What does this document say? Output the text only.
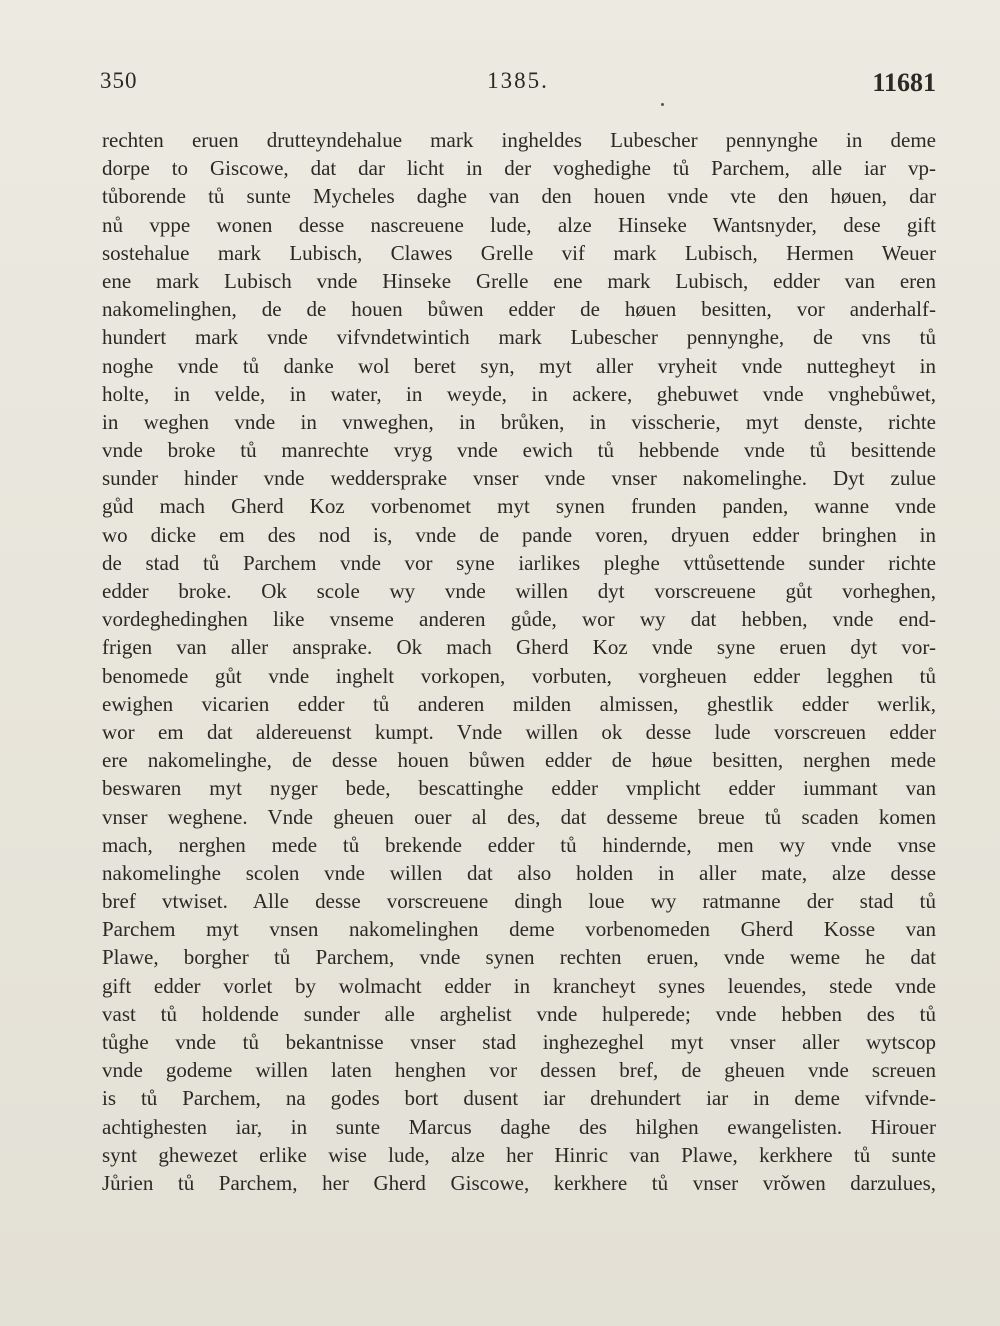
350	1385.	11681
rechten eruen drutteyndehalue mark ingheldes Lubescher pennynghe in deme
dorpe to Giscowe, dat dar licht in der voghedighe tů Parchem, alle iar vp-
tůborende tů sunte Mycheles daghe van den houen vnde vte den høuen, dar
nů vppe wonen desse nascreuene lude, alze Hinseke Wantsnyder, dese gift
sostehalue mark Lubisch, Clawes Grelle vif mark Lubisch, Hermen Weuer
ene mark Lubisch vnde Hinseke Grelle ene mark Lubisch, edder van eren
nakomelinghen, de de houen bůwen edder de høuen besitten, vor anderhalf-
hundert mark vnde vifvndetwintich mark Lubescher pennynghe, de vns tů
noghe vnde tů danke wol beret syn, myt aller vryheit vnde nuttegheyt in
holte, in velde, in water, in weyde, in ackere, ghebuwet vnde vnghebůwet,
in weghen vnde in vnweghen, in brůken, in visscherie, myt denste, richte
vnde broke tů manrechte vryg vnde ewich tů hebbende vnde tů besittende
sunder hinder vnde weddersprake vnser vnde vnser nakomelinghe. Dyt zulue
gůd mach Gherd Koz vorbenomet myt synen frunden panden, wanne vnde
wo dicke em des nod is, vnde de pande voren, dryuen edder bringhen in
de stad tů Parchem vnde vor syne iarlikes pleghe vttůsettende sunder richte
edder broke. Ok scole wy vnde willen dyt vorscreuene gůt vorheghen,
vordeghedinghen like vnseme anderen gůde, wor wy dat hebben, vnde end-
frigen van aller ansprake. Ok mach Gherd Koz vnde syne eruen dyt vor-
benomede gůt vnde inghelt vorkopen, vorbuten, vorgheuen edder legghen tů
ewighen vicarien edder tů anderen milden almissen, ghestlik edder werlik,
wor em dat aldereuenst kumpt. Vnde willen ok desse lude vorscreuen edder
ere nakomelinghe, de desse houen bůwen edder de høue besitten, nerghen mede
beswaren myt nyger bede, bescattinghe edder vmplicht edder iummant van
vnser weghene. Vnde gheuen ouer al des, dat desseme breue tů scaden komen
mach, nerghen mede tů brekende edder tů hindernde, men wy vnde vnse
nakomelinghe scolen vnde willen dat also holden in aller mate, alze desse
bref vtwiset. Alle desse vorscreuene dingh loue wy ratmanne der stad tů
Parchem myt vnsen nakomelinghen deme vorbenomeden Gherd Kosse van
Plawe, borgher tů Parchem, vnde synen rechten eruen, vnde weme he dat
gift edder vorlet by wolmacht edder in krancheyt synes leuendes, stede vnde
vast tů holdende sunder alle arghelist vnde hulperede; vnde hebben des tů
tůghe vnde tů bekantnisse vnser stad inghezeghel myt vnser aller wytscop
vnde godeme willen laten henghen vor dessen bref, de gheuen vnde screuen
is tů Parchem, na godes bort dusent iar drehundert iar in deme vifvnde-
achtighesten iar, in sunte Marcus daghe des hilghen ewangelisten. Hirouer
synt ghewezet erlike wise lude, alze her Hinric van Plawe, kerkhere tů sunte
Jůrien tů Parchem, her Gherd Giscowe, kerkhere tů vnser vrǒwen darzulues,
